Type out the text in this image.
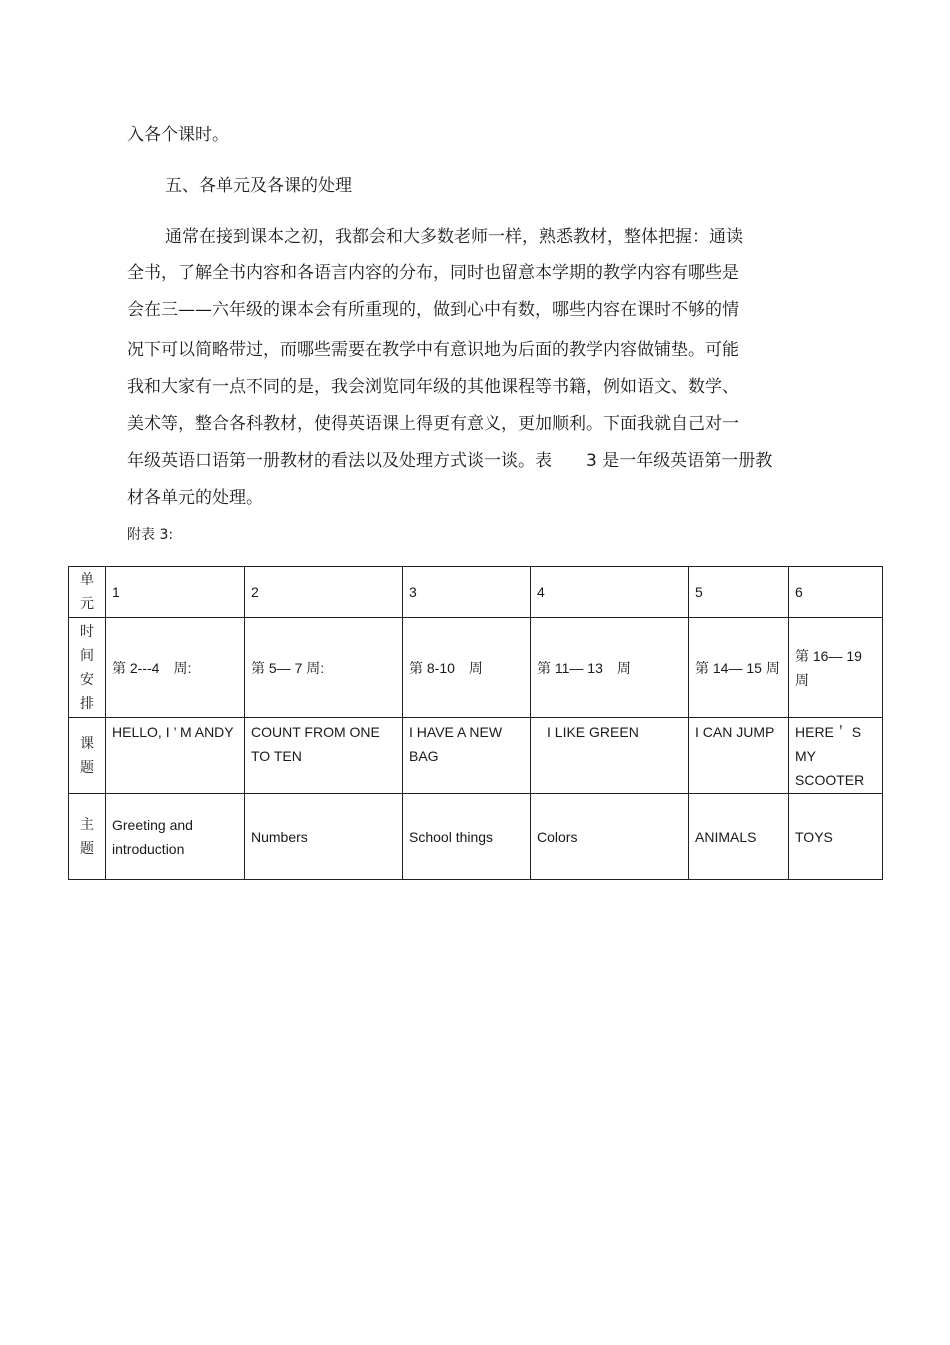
入各个课时。
五、各单元及各课的处理
通常在接到课本之初，我都会和大多数老师一样，熟悉教材，整体把握：通读
全书，了解全书内容和各语言内容的分布，同时也留意本学期的教学内容有哪些是
会在三——六年级的课本会有所重现的，做到心中有数，哪些内容在课时不够的情
况下可以简略带过，而哪些需要在教学中有意识地为后面的教学内容做铺垫。可能
我和大家有一点不同的是，我会浏览同年级的其他课程等书籍，例如语文、数学、
美术等，整合各科教材，使得英语课上得更有意义，更加顺利。下面我就自己对一
年级英语口语第一册教材的看法以及处理方式谈一谈。表　　3 是一年级英语第一册教
材各单元的处理。
附表 3:
单元	1	2	3	4	5	6
时间安排	第 2---4　周:	第 5— 7 周:	第 8-10　周	第 11— 13　周	第 14— 15 周	第 16— 19 周
课题	HELLO, I ’ M ANDY	COUNT FROM ONE TO TEN	I HAVE A NEW BAG	I LIKE GREEN	I CAN JUMP	HERE＇ S MY SCOOTER
主题	Greeting and introduction	Numbers	School things	Colors	ANIMALS	TOYS
